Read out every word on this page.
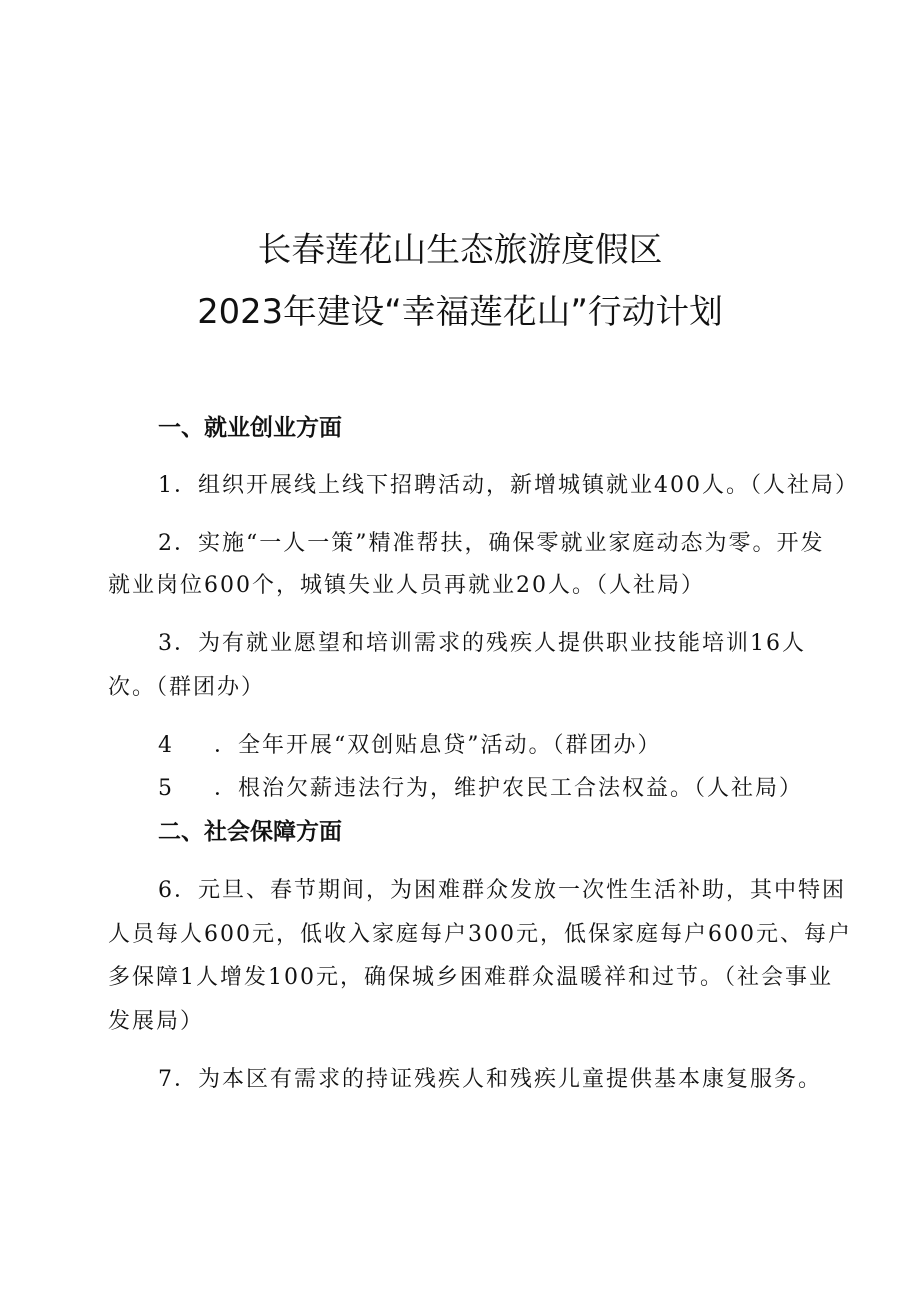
长春莲花山生态旅游度假区
2023年建设“幸福莲花山”行动计划
一、就业创业方面
1．组织开展线上线下招聘活动，新增城镇就业400人。（人社局）
2．实施“一人一策”精准帮扶，确保零就业家庭动态为零。开发
就业岗位600个，城镇失业人员再就业20人。（人社局）
3．为有就业愿望和培训需求的残疾人提供职业技能培训16人
次。（群团办）
4 ．全年开展“双创贴息贷”活动。（群团办）
5 ．根治欠薪违法行为，维护农民工合法权益。（人社局）
二、社会保障方面
6．元旦、春节期间，为困难群众发放一次性生活补助，其中特困
人员每人600元，低收入家庭每户300元，低保家庭每户600元、每户
多保障1人增发100元，确保城乡困难群众温暖祥和过节。（社会事业
发展局）
7．为本区有需求的持证残疾人和残疾儿童提供基本康复服务。
